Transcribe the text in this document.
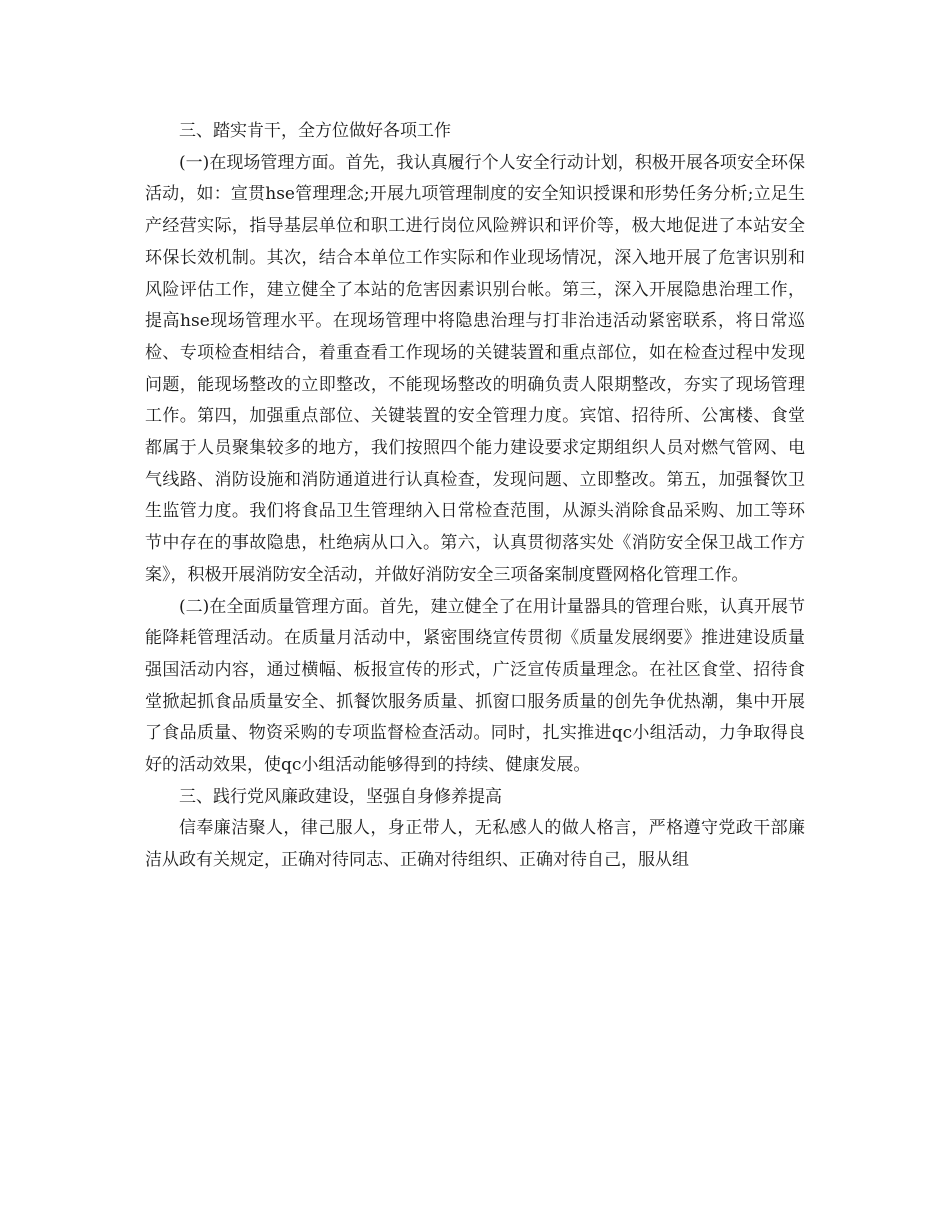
三、踏实肯干，全方位做好各项工作

(一)在现场管理方面。首先，我认真履行个人安全行动计划，积极开展各项安全环保活动，如：宣贯hse管理理念;开展九项管理制度的安全知识授课和形势任务分析;立足生产经营实际，指导基层单位和职工进行岗位风险辨识和评价等，极大地促进了本站安全环保长效机制。其次，结合本单位工作实际和作业现场情况，深入地开展了危害识别和风险评估工作，建立健全了本站的危害因素识别台帐。第三，深入开展隐患治理工作，提高hse现场管理水平。在现场管理中将隐患治理与打非治违活动紧密联系，将日常巡检、专项检查相结合，着重查看工作现场的关键装置和重点部位，如在检查过程中发现问题，能现场整改的立即整改，不能现场整改的明确负责人限期整改，夯实了现场管理工作。第四，加强重点部位、关键装置的安全管理力度。宾馆、招待所、公寓楼、食堂都属于人员聚集较多的地方，我们按照四个能力建设要求定期组织人员对燃气管网、电气线路、消防设施和消防通道进行认真检查，发现问题、立即整改。第五，加强餐饮卫生监管力度。我们将食品卫生管理纳入日常检查范围，从源头消除食品采购、加工等环节中存在的事故隐患，杜绝病从口入。第六，认真贯彻落实处《消防安全保卫战工作方案》，积极开展消防安全活动，并做好消防安全三项备案制度暨网格化管理工作。

(二)在全面质量管理方面。首先，建立健全了在用计量器具的管理台账，认真开展节能降耗管理活动。在质量月活动中，紧密围绕宣传贯彻《质量发展纲要》推进建设质量强国活动内容，通过横幅、板报宣传的形式，广泛宣传质量理念。在社区食堂、招待食堂掀起抓食品质量安全、抓餐饮服务质量、抓窗口服务质量的创先争优热潮，集中开展了食品质量、物资采购的专项监督检查活动。同时，扎实推进qc小组活动，力争取得良好的活动效果，使qc小组活动能够得到的持续、健康发展。

三、践行党风廉政建设，坚强自身修养提高

信奉廉洁聚人，律己服人，身正带人，无私感人的做人格言，严格遵守党政干部廉洁从政有关规定，正确对待同志、正确对待组织、正确对待自己，服从组
